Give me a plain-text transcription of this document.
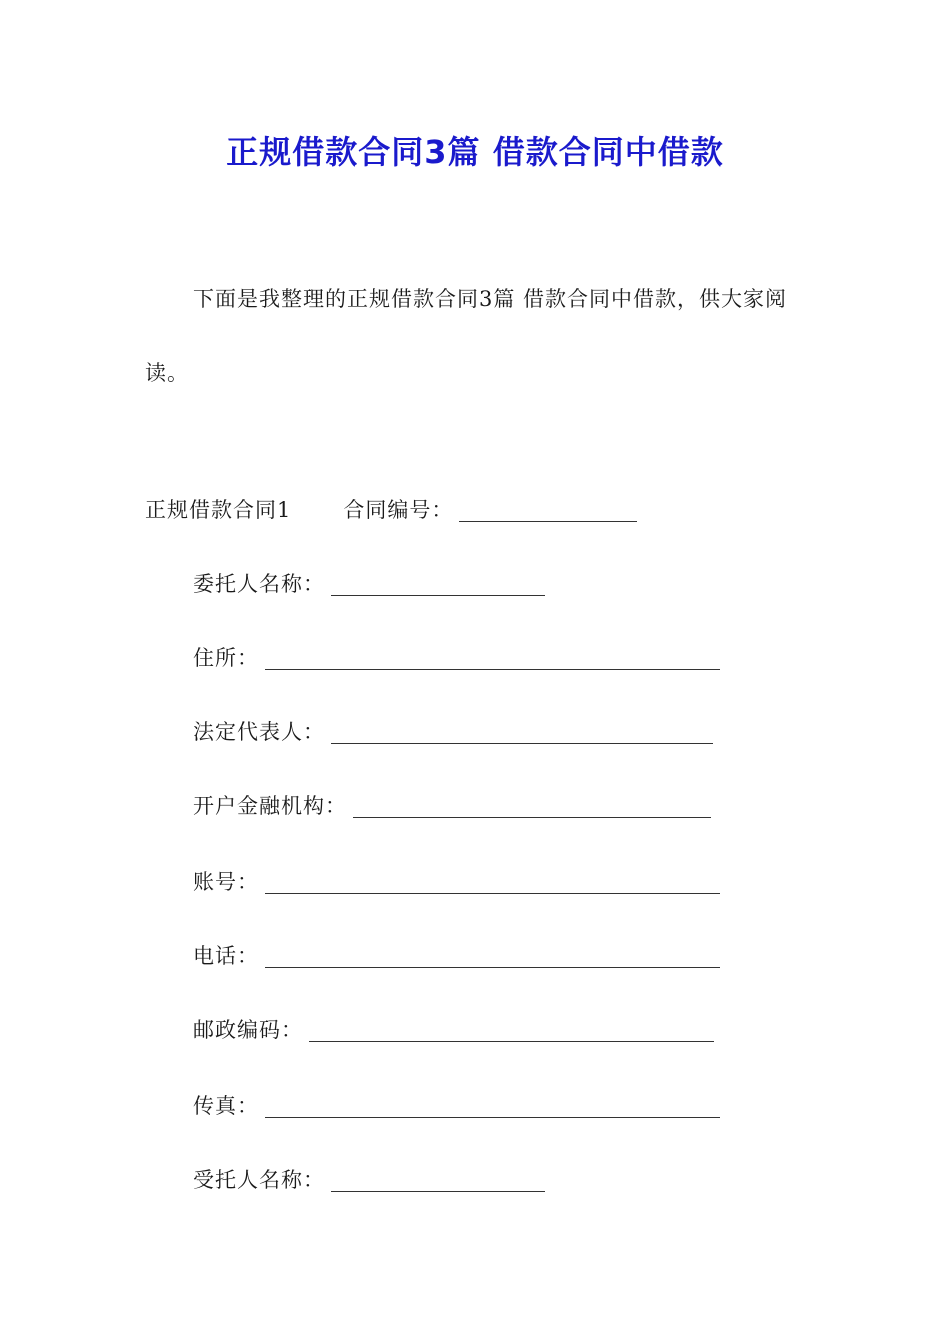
正规借款合同3篇 借款合同中借款

下面是我整理的正规借款合同3篇 借款合同中借款，供大家阅读。

正规借款合同1 合同编号：
委托人名称：
住所：
法定代表人：
开户金融机构：
账号：
电话：
邮政编码：
传真：
受托人名称：
